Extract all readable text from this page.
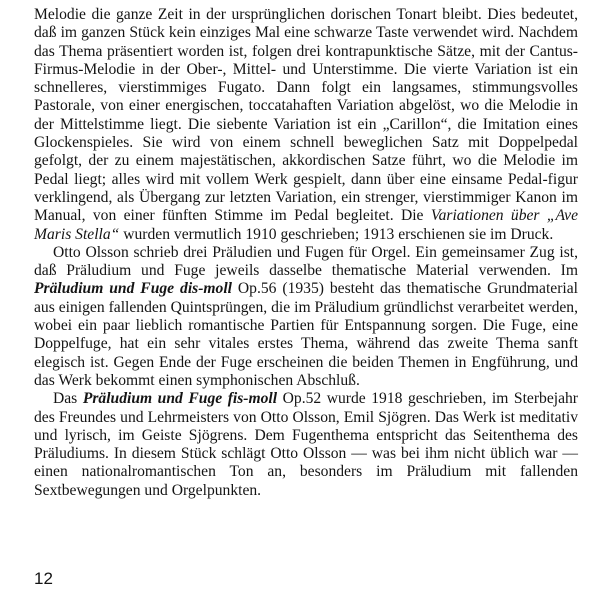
Melodie die ganze Zeit in der ursprünglichen dorischen Tonart bleibt. Dies bedeutet, daß im ganzen Stück kein einziges Mal eine schwarze Taste verwendet wird. Nachdem das Thema präsentiert worden ist, folgen drei kontrapunktische Sätze, mit der Cantus-Firmus-Melodie in der Ober-, Mittel- und Unterstimme. Die vierte Variation ist ein schnelleres, vierstimmiges Fugato. Dann folgt ein langsames, stimmungsvolles Pastorale, von einer energischen, toccatahaften Variation abgelöst, wo die Melodie in der Mittelstimme liegt. Die siebente Variation ist ein „Carillon“, die Imitation eines Glockenspieles. Sie wird von einem schnell beweglichen Satz mit Doppelpedal gefolgt, der zu einem majestätischen, akkordischen Satze führt, wo die Melodie im Pedal liegt; alles wird mit vollem Werk gespielt, dann über eine einsame Pedal-figur verklingend, als Übergang zur letzten Variation, ein strenger, vierstimmiger Kanon im Manual, von einer fünften Stimme im Pedal begleitet. Die Variationen über „Ave Maris Stella“ wurden vermutlich 1910 geschrieben; 1913 erschienen sie im Druck.

Otto Olsson schrieb drei Präludien und Fugen für Orgel. Ein gemeinsamer Zug ist, daß Präludium und Fuge jeweils dasselbe thematische Material verwenden. Im Präludium und Fuge dis-moll Op.56 (1935) besteht das thematische Grundmaterial aus einigen fallenden Quintsprüngen, die im Präludium gründlichst verarbeitet werden, wobei ein paar lieblich romantische Partien für Entspannung sorgen. Die Fuge, eine Doppelfuge, hat ein sehr vitales erstes Thema, während das zweite Thema sanft elegisch ist. Gegen Ende der Fuge erscheinen die beiden Themen in Engführung, und das Werk bekommt einen symphonischen Abschluß.

Das Präludium und Fuge fis-moll Op.52 wurde 1918 geschrieben, im Sterbejahr des Freundes und Lehrmeisters von Otto Olsson, Emil Sjögren. Das Werk ist meditativ und lyrisch, im Geiste Sjögrens. Dem Fugenthema entspricht das Seitenthema des Präludiums. In diesem Stück schlägt Otto Olsson — was bei ihm nicht üblich war — einen nationalromantischen Ton an, besonders im Präludium mit fallenden Sextbewegungen und Orgelpunkten.

12
